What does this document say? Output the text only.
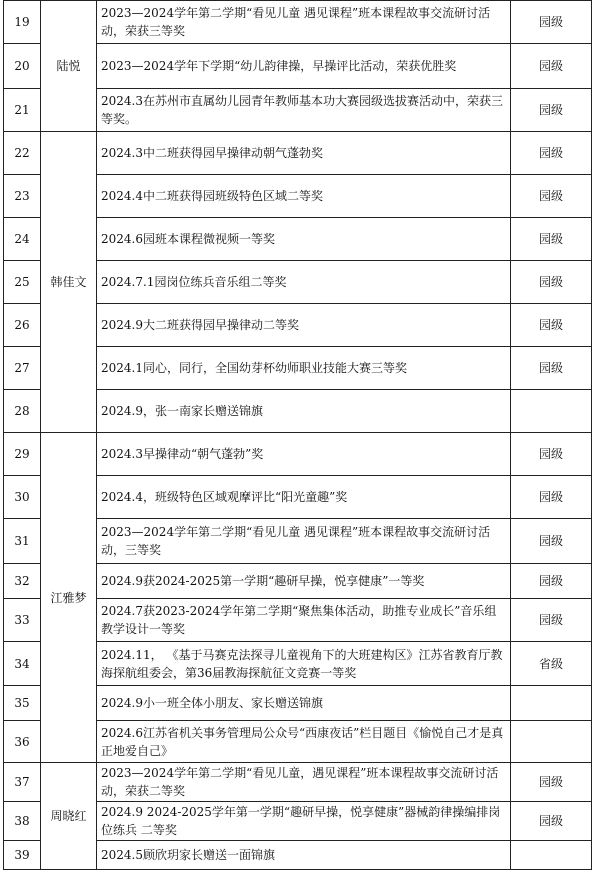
19	陆悦	2023—2024学年第二学期“看见儿童 遇见课程”班本课程故事交流研讨活动，荣获三等奖	园级
20		2023—2024学年下学期“幼儿韵律操，早操评比活动，荣获优胜奖	园级
21		2024.3在苏州市直属幼儿园青年教师基本功大赛园级选拔赛活动中，荣获三等奖。	园级
22	韩佳文	2024.3中二班获得园早操律动朝气蓬勃奖	园级
23		2024.4中二班获得园班级特色区域二等奖	园级
24		2024.6园班本课程微视频一等奖	园级
25		2024.7.1园岗位练兵音乐组二等奖	园级
26		2024.9大二班获得园早操律动二等奖	园级
27		2024.1同心，同行，全国幼芽杯幼师职业技能大赛三等奖	园级
28		2024.9，张一南家长赠送锦旗	
29	江雅梦	2024.3早操律动“朝气蓬勃”奖	园级
30		2024.4，班级特色区域观摩评比“阳光童趣”奖	园级
31		2023—2024学年第二学期“看见儿童 遇见课程”班本课程故事交流研讨活动，三等奖	园级
32		2024.9获2024-2025第一学期“趣研早操，悦享健康”一等奖	园级
33		2024.7获2023-2024学年第二学期“聚焦集体活动，助推专业成长”音乐组教学设计一等奖	园级
34		2024.11， 《基于马赛克法探寻儿童视角下的大班建构区》江苏省教育厅教海探航组委会，第36届教海探航征文竞赛一等奖	省级
35		2024.9小一班全体小朋友、家长赠送锦旗	
36		2024.6江苏省机关事务管理局公众号“西康夜话”栏目题目《愉悦自己才是真正地爱自己》	
37	周晓红	2023—2024学年第二学期“看见儿童，遇见课程”班本课程故事交流研讨活动，荣获二等奖	园级
38		2024.9 2024-2025学年第一学期“趣研早操，悦享健康”器械韵律操编排岗位练兵 二等奖	园级
39		2024.5顾欣玥家长赠送一面锦旗	
